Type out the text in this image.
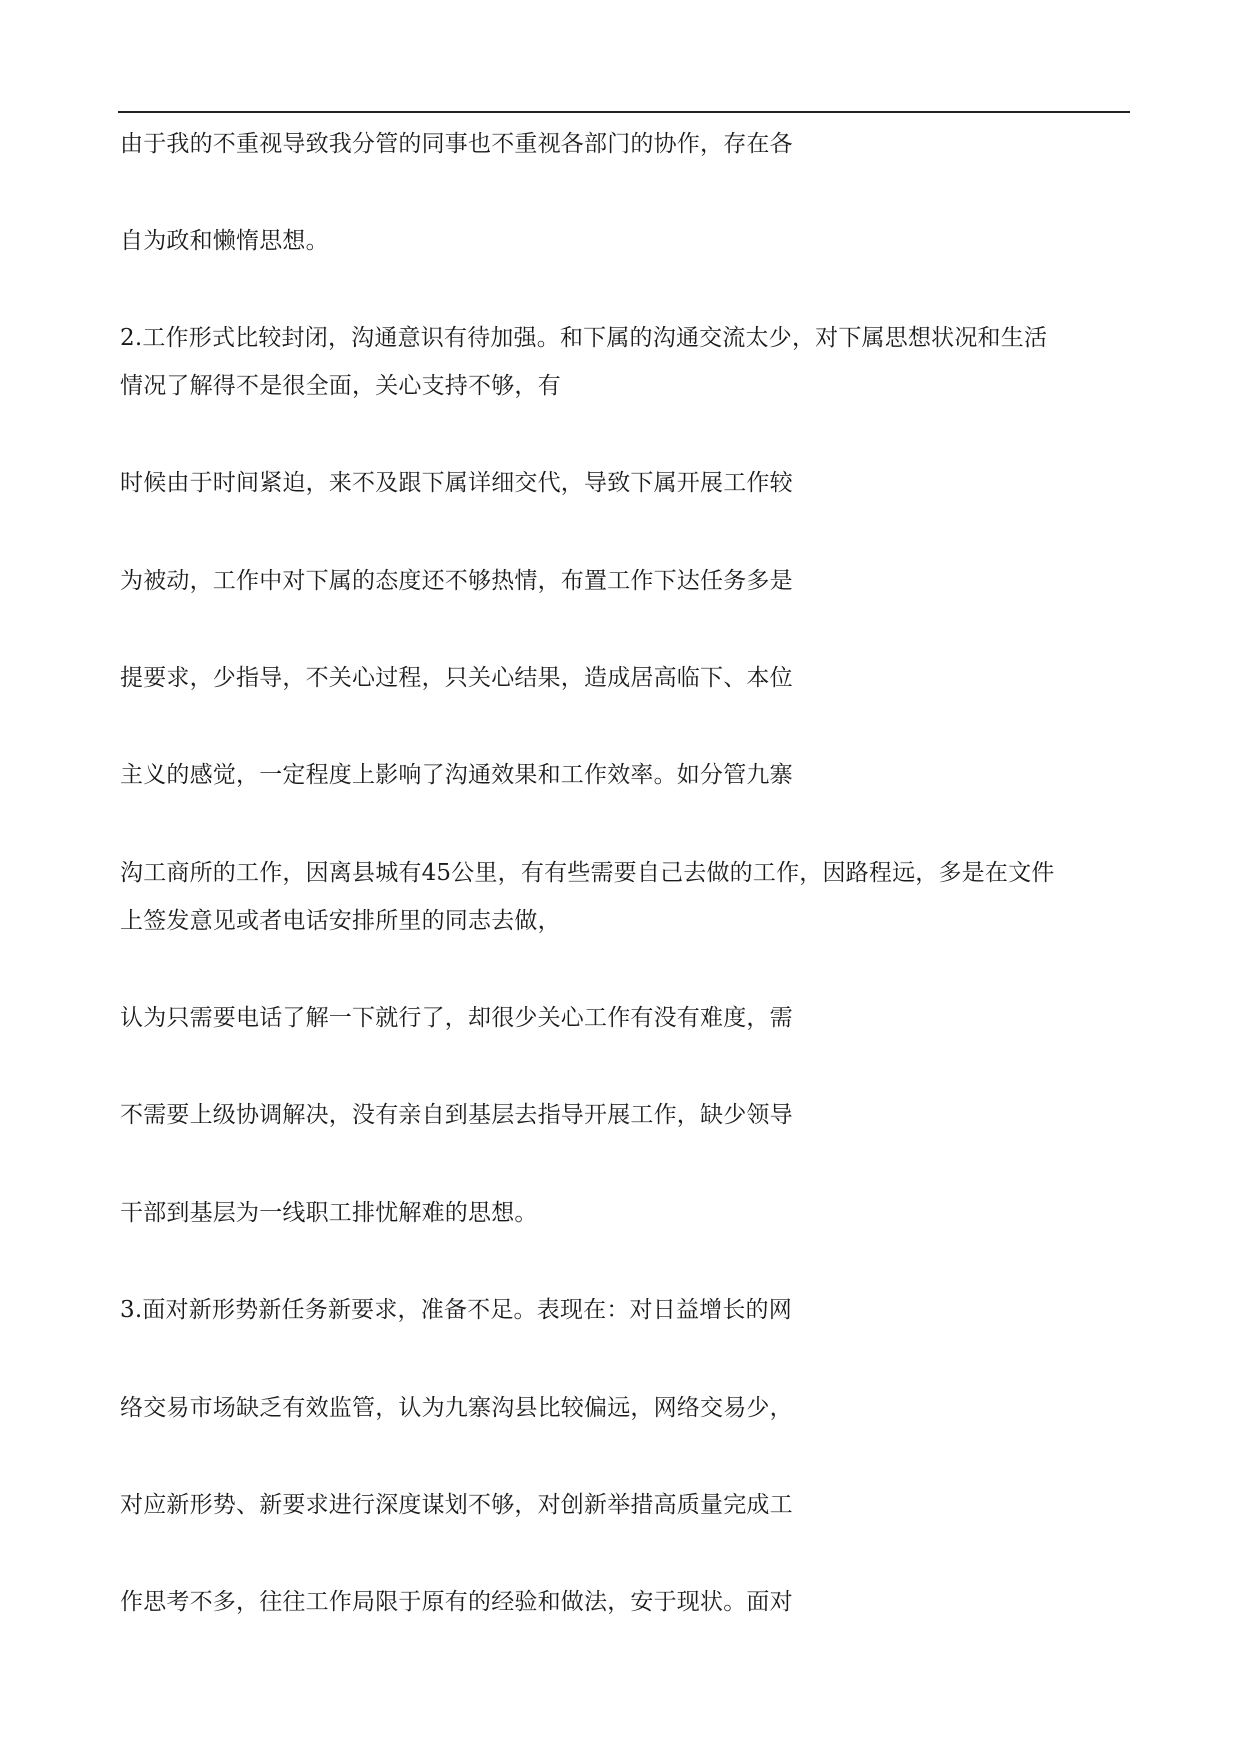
由于我的不重视导致我分管的同事也不重视各部门的协作，存在各
自为政和懒惰思想。
2.工作形式比较封闭，沟通意识有待加强。和下属的沟通交流太少，对下属思想状况和生活
情况了解得不是很全面，关心支持不够，有
时候由于时间紧迫，来不及跟下属详细交代，导致下属开展工作较
为被动，工作中对下属的态度还不够热情，布置工作下达任务多是
提要求，少指导，不关心过程，只关心结果，造成居高临下、本位
主义的感觉，一定程度上影响了沟通效果和工作效率。如分管九寨
沟工商所的工作，因离县城有45公里，有有些需要自己去做的工作，因路程远，多是在文件
上签发意见或者电话安排所里的同志去做，
认为只需要电话了解一下就行了，却很少关心工作有没有难度，需
不需要上级协调解决，没有亲自到基层去指导开展工作，缺少领导
干部到基层为一线职工排忧解难的思想。
3.面对新形势新任务新要求，准备不足。表现在：对日益增长的网
络交易市场缺乏有效监管，认为九寨沟县比较偏远，网络交易少，
对应新形势、新要求进行深度谋划不够，对创新举措高质量完成工
作思考不多，往往工作局限于原有的经验和做法，安于现状。面对
